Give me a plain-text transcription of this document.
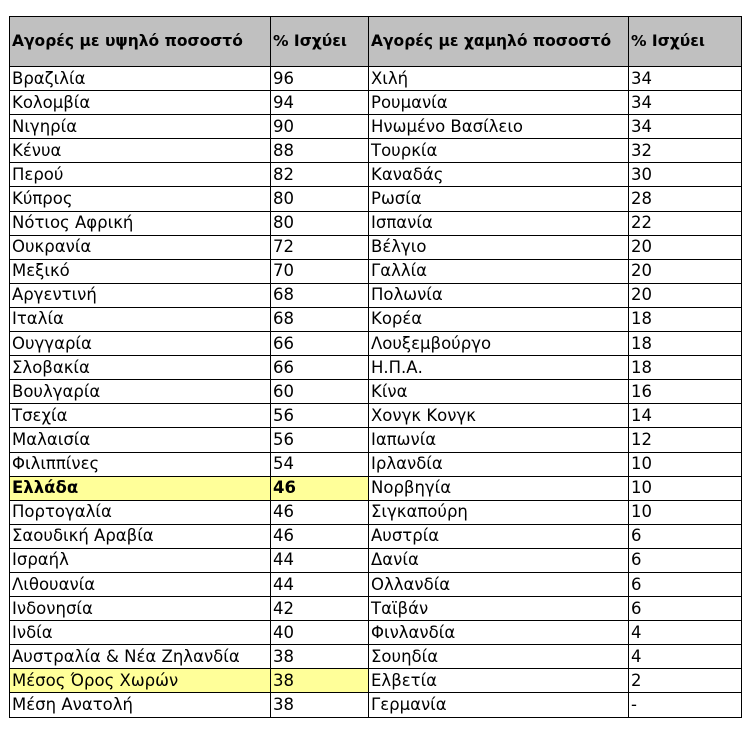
Αγορές με υψηλό ποσοστό	% Ισχύει	Αγορές με χαμηλό ποσοστό	% Ισχύει
Βραζιλία	96	Χιλή	34
Κολομβία	94	Ρουμανία	34
Νιγηρία	90	Ηνωμένο Βασίλειο	34
Κένυα	88	Τουρκία	32
Περού	82	Καναδάς	30
Κύπρος	80	Ρωσία	28
Νότιος Αφρική	80	Ισπανία	22
Ουκρανία	72	Βέλγιο	20
Μεξικό	70	Γαλλία	20
Αργεντινή	68	Πολωνία	20
Ιταλία	68	Κορέα	18
Ουγγαρία	66	Λουξεμβούργο	18
Σλοβακία	66	Η.Π.Α.	18
Βουλγαρία	60	Κίνα	16
Τσεχία	56	Χονγκ Κονγκ	14
Μαλαισία	56	Ιαπωνία	12
Φιλιππίνες	54	Ιρλανδία	10
Ελλάδα	46	Νορβηγία	10
Πορτογαλία	46	Σιγκαπούρη	10
Σαουδική Αραβία	46	Αυστρία	6
Ισραήλ	44	Δανία	6
Λιθουανία	44	Ολλανδία	6
Ινδονησία	42	Ταϊβάν	6
Ινδία	40	Φινλανδία	4
Αυστραλία & Νέα Ζηλανδία	38	Σουηδία	4
Μέσος Όρος Χωρών	38	Ελβετία	2
Μέση Ανατολή	38	Γερμανία	-
